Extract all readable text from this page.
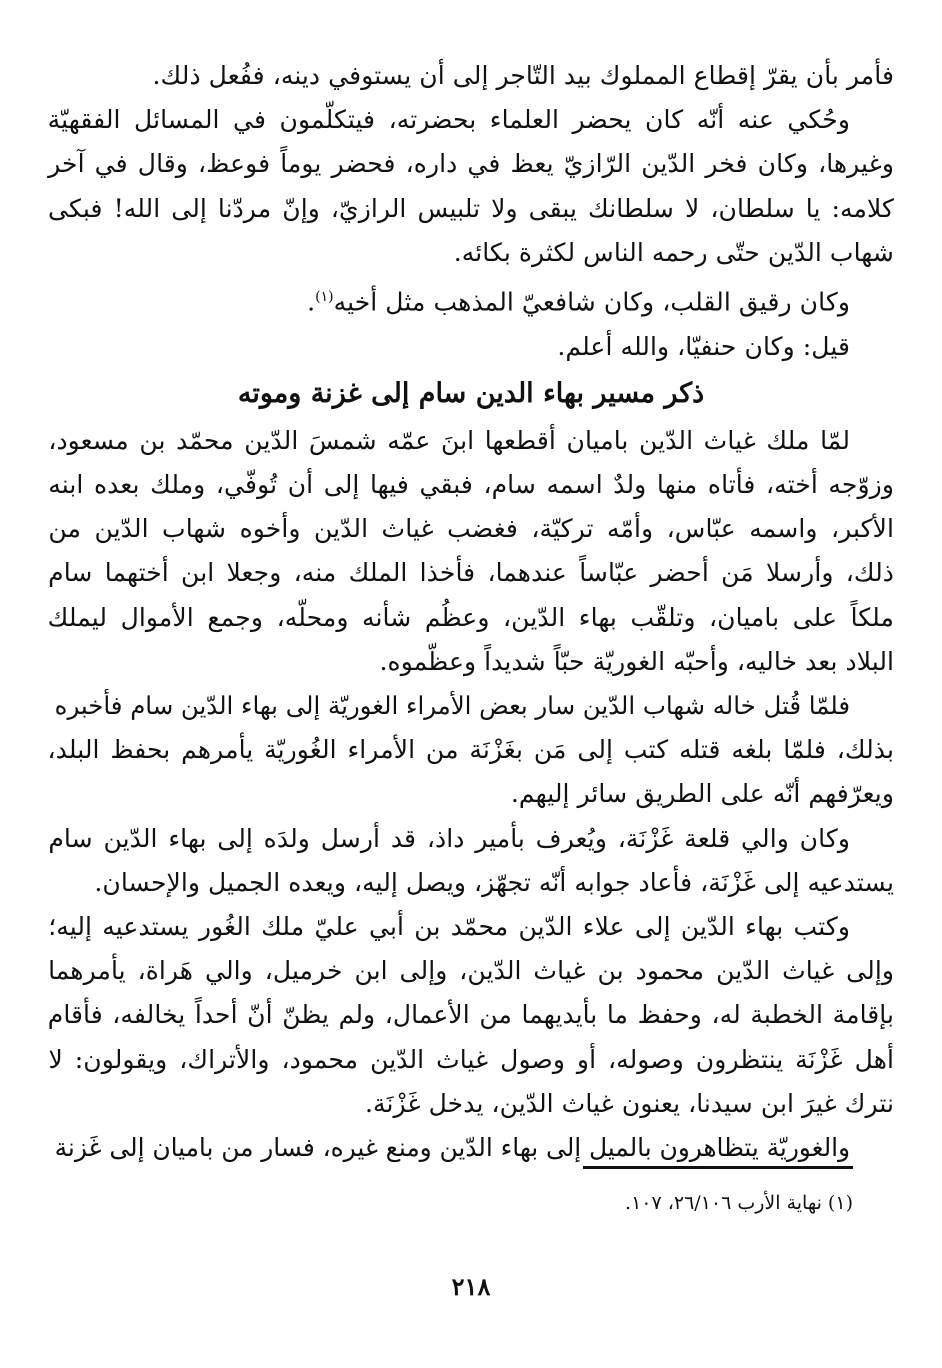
فأمر بأن يقرّ إقطاع المملوك بيد التّاجر إلى أن يستوفي دينه، ففُعل ذلك.

وحُكي عنه أنّه كان يحضر العلماء بحضرته، فيتكلّمون في المسائل الفقهيّة
وغيرها، وكان فخر الدّين الرّازيّ يعظ في داره، فحضر يوماً فوعظ، وقال في آخر
كلامه: يا سلطان، لا سلطانك يبقى ولا تلبيس الرازيّ، وإنّ مردّنا إلى الله! فبكى
شهاب الدّين حتّى رحمه الناس لكثرة بكائه.

وكان رقيق القلب، وكان شافعيّ المذهب مثل أخيه$^{(١)}$.

قيل: وكان حنفيّا، والله أعلم.

ذكر مسير بهاء الدين سام إلى غزنة وموته

لمّا ملك غياث الدّين باميان أقطعها ابنَ عمّه شمسَ الدّين محمّد بن مسعود،
وزوّجه أخته، فأتاه منها ولدٌ اسمه سام، فبقي فيها إلى أن تُوفّي، وملك بعده ابنه
الأكبر، واسمه عبّاس، وأمّه تركيّة، فغضب غياث الدّين وأخوه شهاب الدّين من
ذلك، وأرسلا مَن أحضر عبّاساً عندهما، فأخذا الملك منه، وجعلا ابن أختهما سام
ملكاً على باميان، وتلقّب بهاء الدّين، وعظُم شأنه ومحلّه، وجمع الأموال ليملك
البلاد بعد خاليه، وأحبّه الغوريّة حبّاً شديداً وعظّموه.

فلمّا قُتل خاله شهاب الدّين سار بعض الأمراء الغوريّة إلى بهاء الدّين سام فأخبره
بذلك، فلمّا بلغه قتله كتب إلى مَن بغَزْنَة من الأمراء الغُوريّة يأمرهم بحفظ البلد،
ويعرّفهم أنّه على الطريق سائر إليهم.

وكان والي قلعة غَزْنَة، ويُعرف بأمير داذ، قد أرسل ولدَه إلى بهاء الدّين سام
يستدعيه إلى غَزْنَة، فأعاد جوابه أنّه تجهّز، ويصل إليه، ويعده الجميل والإحسان.

وكتب بهاء الدّين إلى علاء الدّين محمّد بن أبي عليّ ملك الغُور يستدعيه إليه؛
وإلى غياث الدّين محمود بن غياث الدّين، وإلى ابن خرميل، والي هَراة، يأمرهما
بإقامة الخطبة له، وحفظ ما بأيديهما من الأعمال، ولم يظنّ أنّ أحداً يخالفه، فأقام
أهل غَزْنَة ينتظرون وصوله، أو وصول غياث الدّين محمود، والأتراك، ويقولون: لا
نترك غيرَ ابن سيدنا، يعنون غياث الدّين، يدخل غَزْنَة.

والغوريّة يتظاهرون بالميل إلى بهاء الدّين ومنع غيره، فسار من باميان إلى غَزنة

(١) نهاية الأرب ٢٦/١٠٦، ١٠٧.
٢١٨
